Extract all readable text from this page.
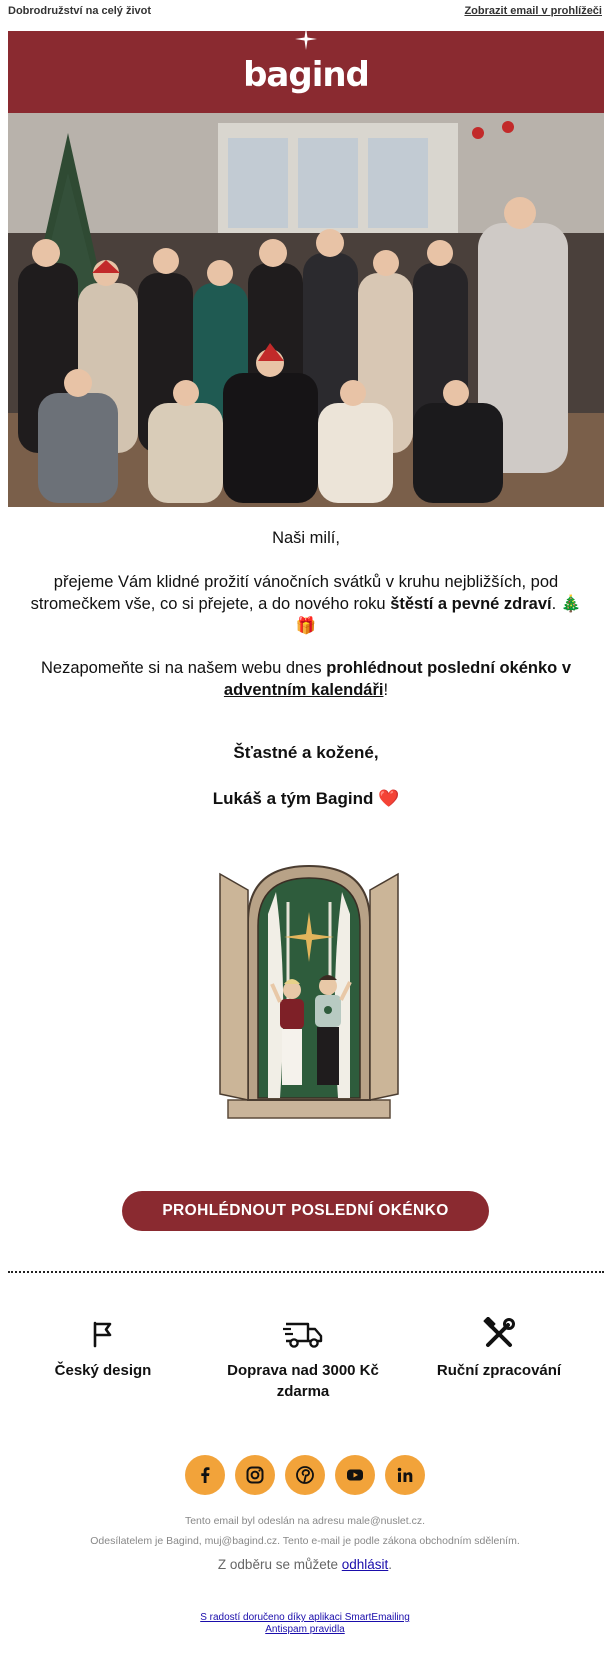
Dobrodružství na celý život	Zobrazit email v prohlížeči
bagind

Naši milí,

přejeme Vám klidné prožití vánočních svátků v kruhu nejbližších, pod stromečkem vše, co si přejete, a do nového roku štěstí a pevné zdraví. 🎄🎁

Nezapomeňte si na našem webu dnes prohlédnout poslední okénko v adventním kalendáři!

Šťastné a kožené,

Lukáš a tým Bagind ❤️

PROHLÉDNOUT POSLEDNÍ OKÉNKO
Český design	Doprava nad 3000 Kč zdarma
Ruční zpracování

Tento email byl odeslán na adresu male@nuslet.cz.

Odesílatelem je Bagind, muj@bagind.cz. Tento e-mail je podle zákona obchodním sdělením.

Z odběru se můžete odhlásit.

S radostí doručeno díky aplikaci SmartEmailing
Antispam pravidla
